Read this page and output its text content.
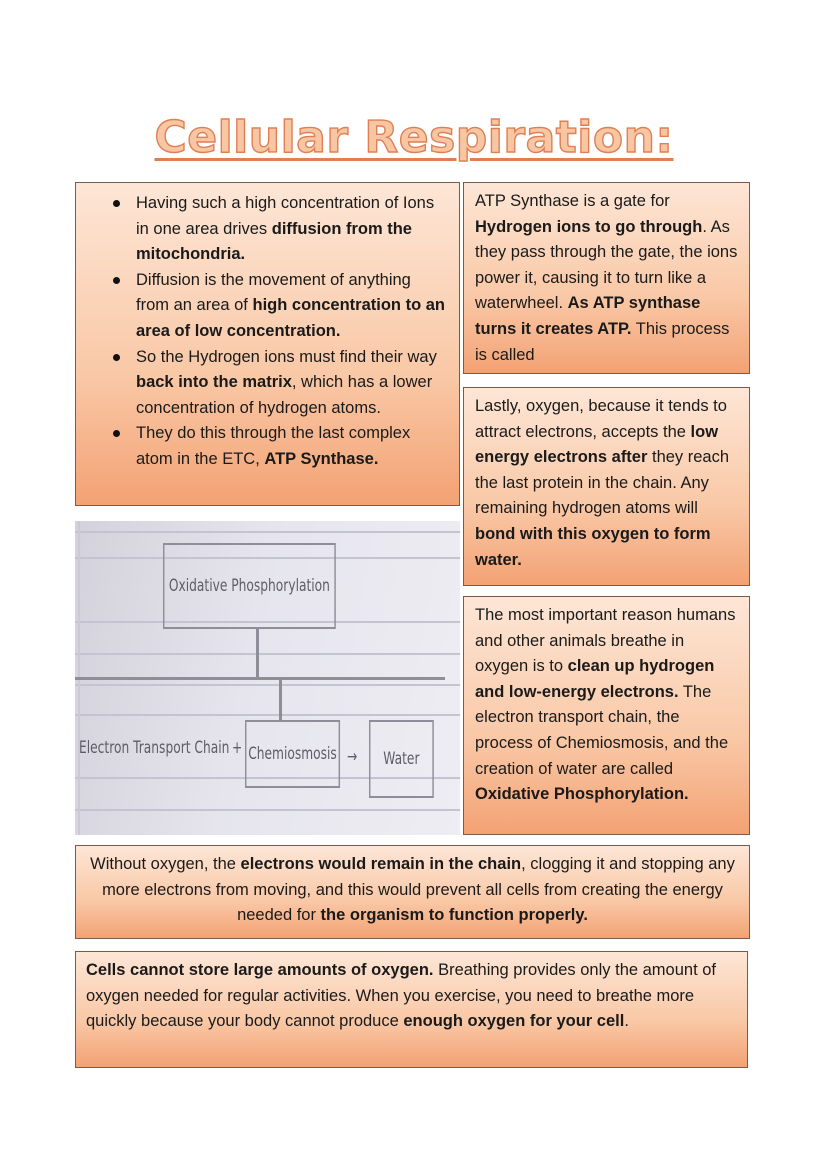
Cellular Respiration:
Having such a high concentration of Ions in one area drives diffusion from the mitochondria.
Diffusion is the movement of anything from an area of high concentration to an area of low concentration.
So the Hydrogen ions must find their way back into the matrix, which has a lower concentration of hydrogen atoms.
They do this through the last complex atom in the ETC, ATP Synthase.
ATP Synthase is a gate for Hydrogen ions to go through. As they pass through the gate, the ions power it, causing it to turn like a waterwheel. As ATP synthase turns it creates ATP. This process is called
Lastly, oxygen, because it tends to attract electrons, accepts the low energy electrons after they reach the last protein in the chain. Any remaining hydrogen atoms will bond with this oxygen to form water.
The most important reason humans and other animals breathe in oxygen is to clean up hydrogen and low-energy electrons. The electron transport chain, the process of Chemiosmosis, and the creation of water are called Oxidative Phosphorylation.
Without oxygen, the electrons would remain in the chain, clogging it and stopping any more electrons from moving, and this would prevent all cells from creating the energy needed for the organism to function properly.
Cells cannot store large amounts of oxygen. Breathing provides only the amount of oxygen needed for regular activities. When you exercise, you need to breathe more quickly because your body cannot produce enough oxygen for your cell.
Oxidative Phosphorylation
Electron Transport Chain + Chemiosmosis → Water
